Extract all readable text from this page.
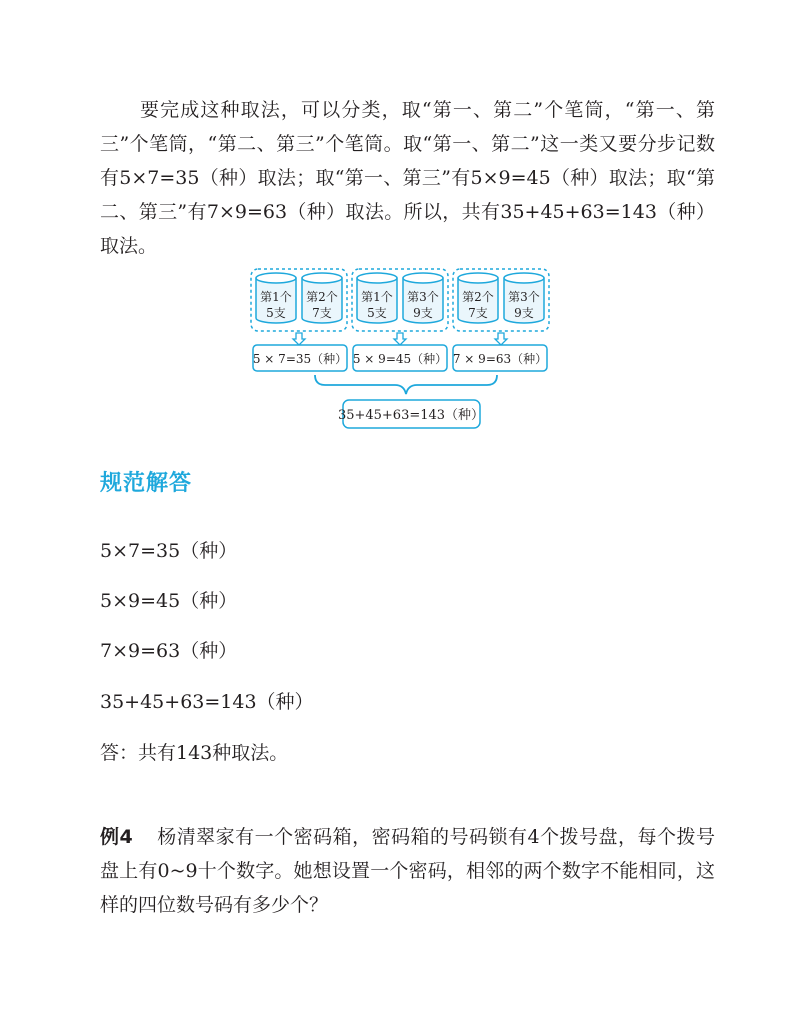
要完成这种取法，可以分类，取“第一、第二”个笔筒，“第一、第三”个笔筒，“第二、第三”个笔筒。取“第一、第二”这一类又要分步记数有5×7=35（种）取法；取“第一、第三”有5×9=45（种）取法；取“第二、第三”有7×9=63（种）取法。所以，共有35+45+63=143（种）取法。
第1个
5支
第2个
7支
第1个
5支
第3个
9支
第2个
7支
第3个
9支
5 × 7=35（种） 5 × 9=45（种） 7 × 9=63（种）
35+45+63=143（种）
规范解答
5×7=35（种）
5×9=45（种）
7×9=63（种）
35+45+63=143（种）
答：共有143种取法。
例4 杨清翠家有一个密码箱，密码箱的号码锁有4个拨号盘，每个拨号盘上有0~9十个数字。她想设置一个密码，相邻的两个数字不能相同，这样的四位数号码有多少个？
